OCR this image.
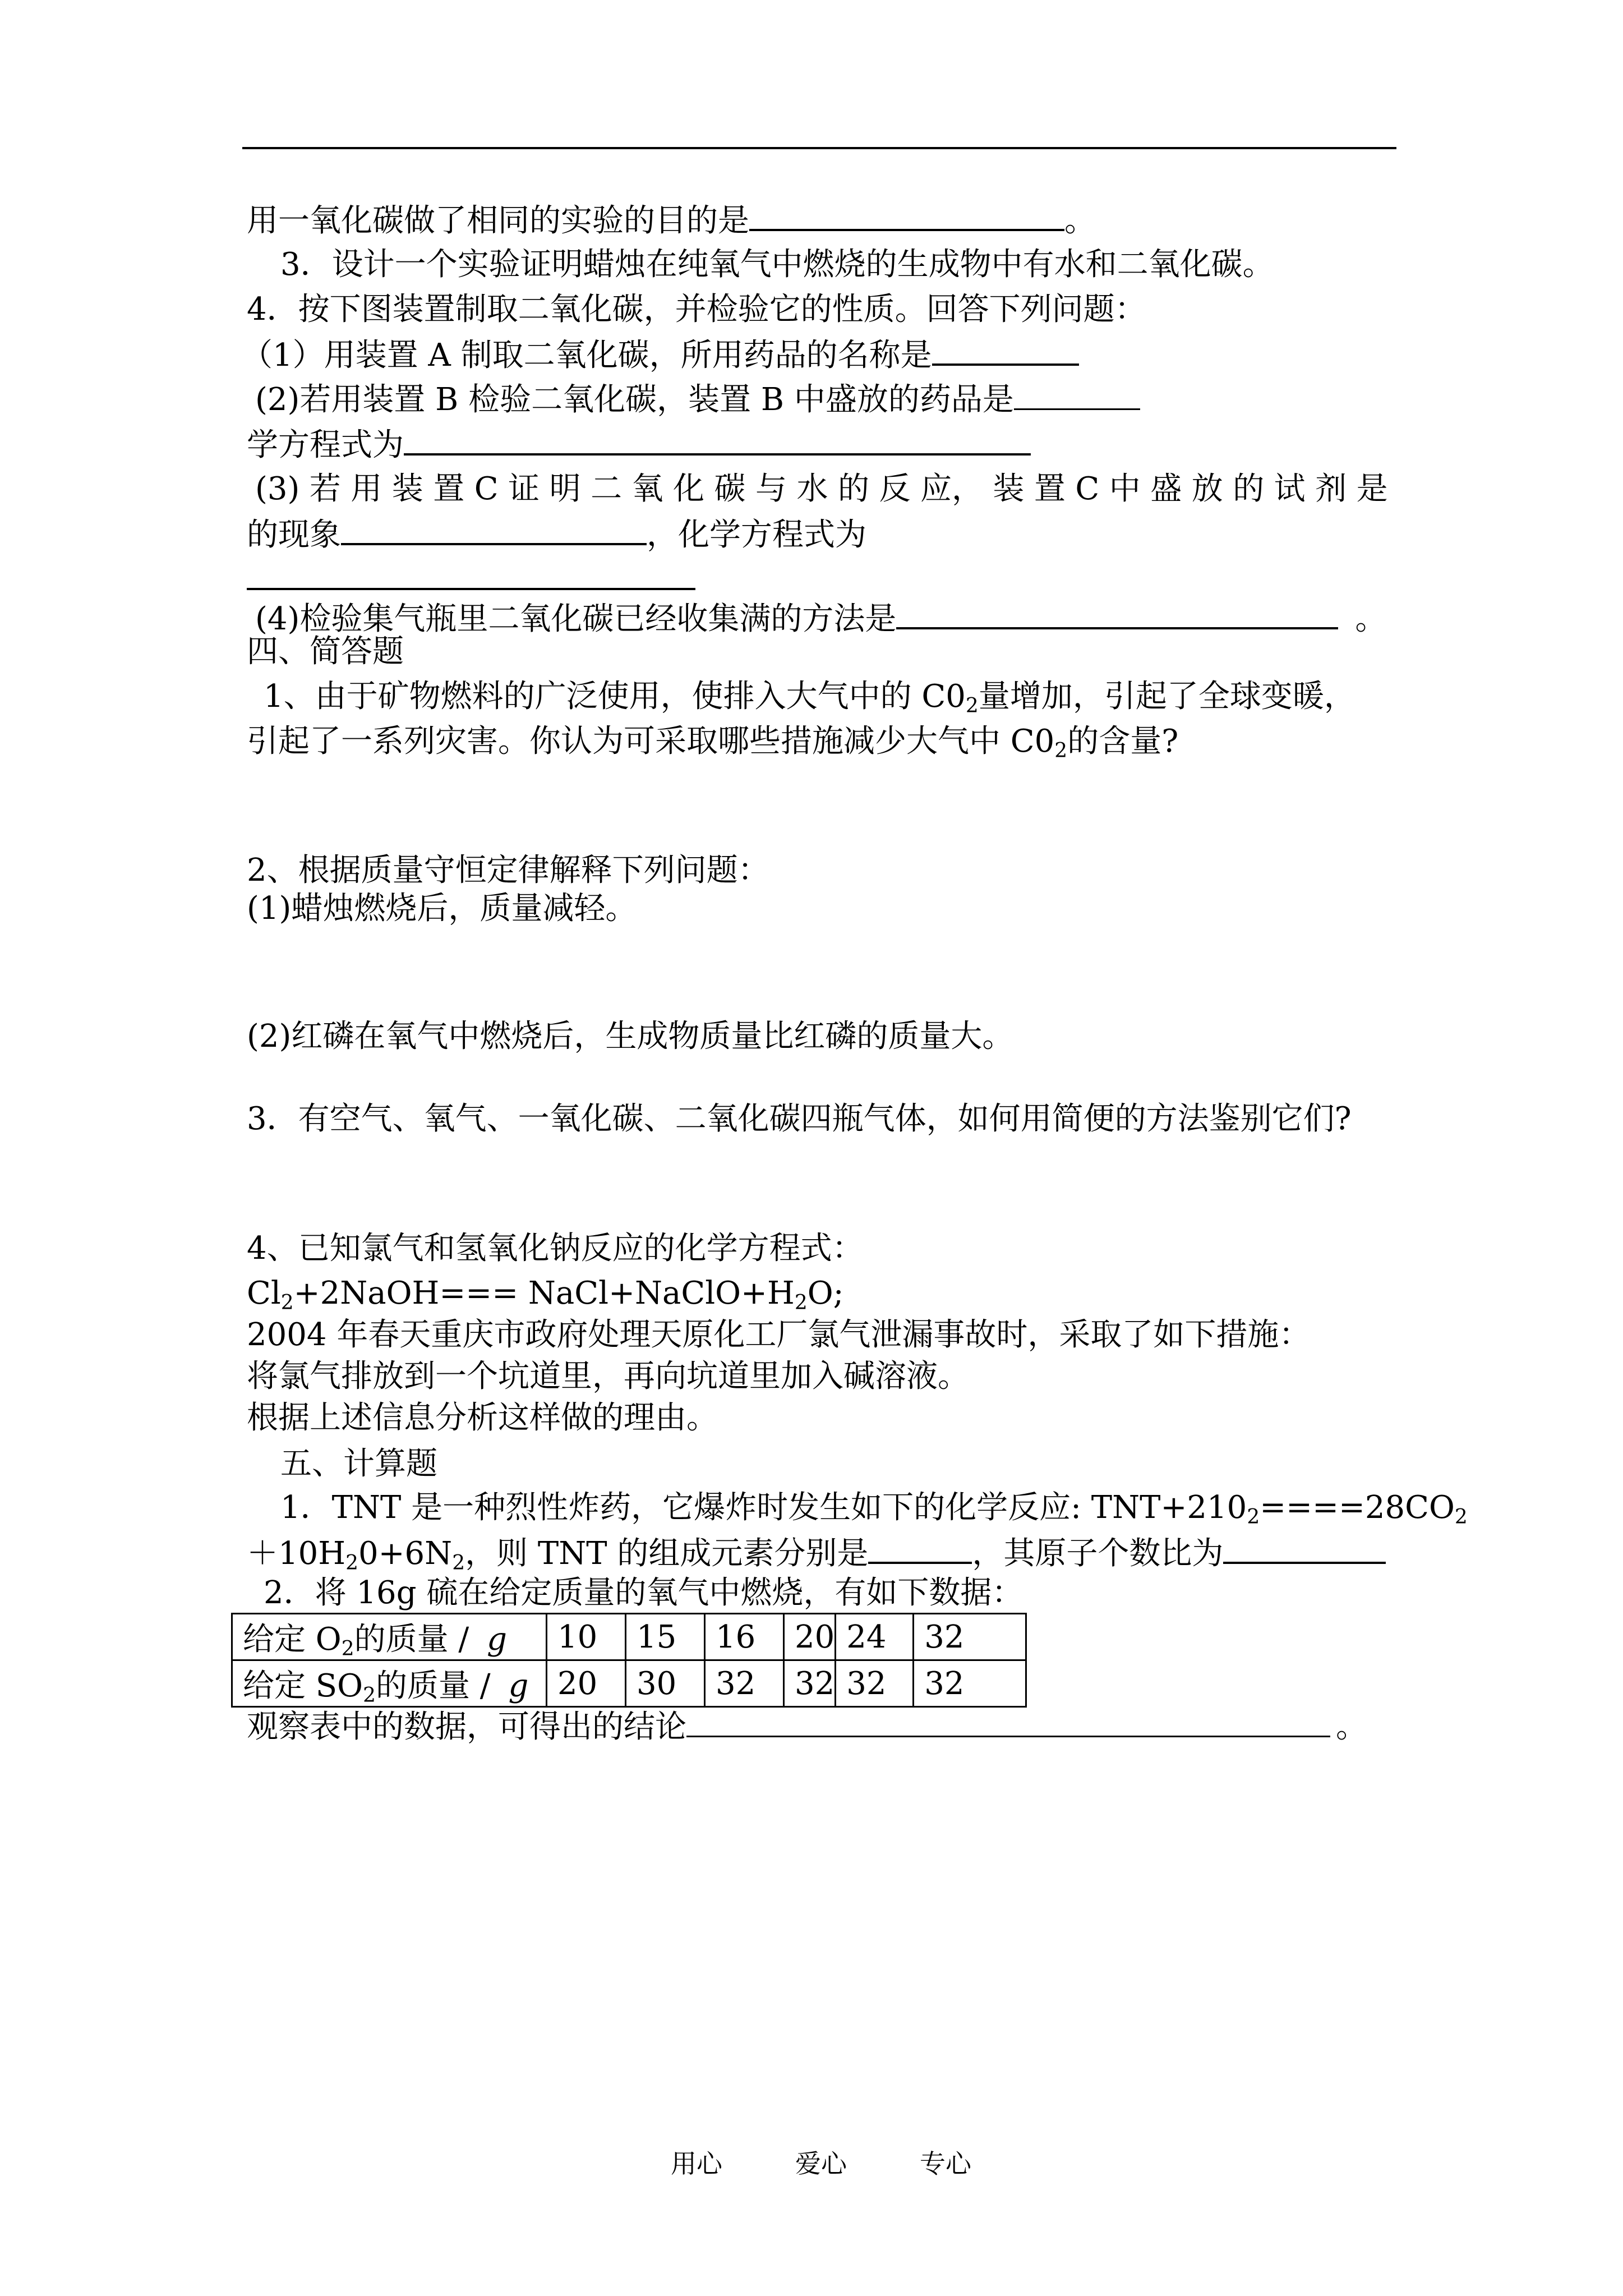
用一氧化碳做了相同的实验的目的是	。
3．设计一个实验证明蜡烛在纯氧气中燃烧的生成物中有水和二氧化碳。
4．按下图装置制取二氧化碳，并检验它的性质。回答下列问题：
（1）用装置 A 制取二氧化碳，所用药品的名称是
(2)若用装置 B 检验二氧化碳，装置 B 中盛放的药品是
学方程式为
(3) 若 用 装 置 C 证 明 二 氧 化 碳 与 水 的 反 应， 装 置 C 中 盛 放 的 试 剂 是
的现象	，化学方程式为
(4)检验集气瓶里二氧化碳已经收集满的方法是	。
四、简答题
1、由于矿物燃料的广泛使用，使排入大气中的 $C0_2$量增加，引起了全球变暖，
引起了一系列灾害。你认为可采取哪些措施减少大气中 $C0_2$的含量?
2、根据质量守恒定律解释下列问题：
(1)蜡烛燃烧后，质量减轻。
(2)红磷在氧气中燃烧后，生成物质量比红磷的质量大。
3．有空气、氧气、一氧化碳、二氧化碳四瓶气体，如何用简便的方法鉴别它们?
4、已知氯气和氢氧化钠反应的化学方程式：
$Cl_2+2NaOH===$ $NaCl+NaClO+H_2O$;
2004 年春天重庆市政府处理天原化工厂氯气泄漏事故时，采取了如下措施：
将氯气排放到一个坑道里，再向坑道里加入碱溶液。
根据上述信息分析这样做的理由。
五、计算题
1．TNT 是一种烈性炸药，它爆炸时发生如下的化学反应: $TNT+210_2====28CO_2$
$+10H_20+6N_2$，则 TNT 的组成元素分别是	，其原子个数比为
2．将 16g 硫在给定质量的氧气中燃烧，有如下数据：
给定 $O_2$的质量 / g	10	15	16	20	24	32
给定 $SO_2$的质量 / g	20	30	32	32	32	32
观察表中的数据，可得出的结论	。
用心	爱心	专心
